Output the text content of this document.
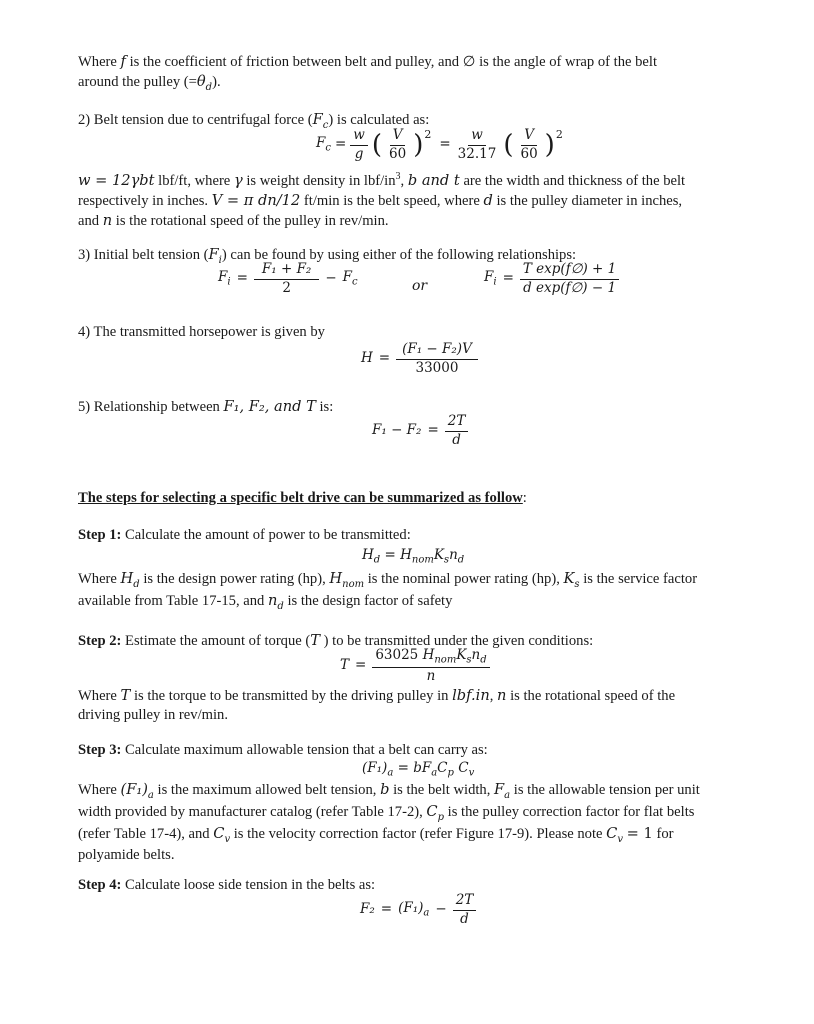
Where f is the coefficient of friction between belt and pulley, and ∅ is the angle of wrap of the belt
around the pulley $(=\theta_d)$.
2) Belt tension due to centrifugal force $(F_c)$ is calculated as:
$F_c = \frac{w}{g}$ ( $\frac{V}{60} )^2$
= $\frac{w}{32.17}$ ( $\frac{V}{60} )^2$
w = 12γbt lbf/ft, where γ is weight density in lbf/$in^3$, b and t are the width and thickness of the belt
respectively in inches. V = π dn/12 ft/min is the belt speed, where d is the pulley diameter in inches,
and n is the rotational speed of the pulley in rev/min.
3) Initial belt tension $(F_i)$ can be found by using either of the following relationships:
$F_i = \frac{\text{F₁ + F₂}}{2} - F_c$	or
$F_i = \frac{\text{T exp(f∅) + 1}}{\text{d exp(f∅) − 1}}$
4) The transmitted horsepower is given by
$H = \frac{\text{(F₁ − F₂)V}}{33000}$
5) Relationship between F₁, F₂, and T is:
$F_1 - F_2 = \frac{2T}{d}$
The steps for selecting a specific belt drive can be summarized as follow:
Step 1: Calculate the amount of power to be transmitted:
$H_d = H_{nom}K_sn_d$
Where $H_d$ is the design power rating (hp), $H_{nom}$ is the nominal power rating (hp), $K_s$ is the service factor
available from Table 17-15, and $n_d$ is the design factor of safety
Step 2: Estimate the amount of torque (T ) to be transmitted under the given conditions:
$T = \frac{63025 H_{nom}K_sn_d}{n}$
Where T is the torque to be transmitted by the driving pulley in lbf.in, n is the rotational speed of the
driving pulley in rev/min.
Step 3: Calculate maximum allowable tension that a belt can carry as:
$(F_1)_a = bF_aC_p$ $C_v$
Where $(F_1)_a$ is the maximum allowed belt tension, b is the belt width, $F_a$ is the allowable tension per unit
width provided by manufacturer catalog (refer Table 17-2), $C_p$ is the pulley correction factor for flat belts
(refer Table 17-4), and $C_v$ is the velocity correction factor (refer Figure 17-9). Please note $C_v = 1$ for
polyamide belts.
Step 4: Calculate loose side tension in the belts as:
$F_2 = (F_1)_a - \frac{2T}{d}$
